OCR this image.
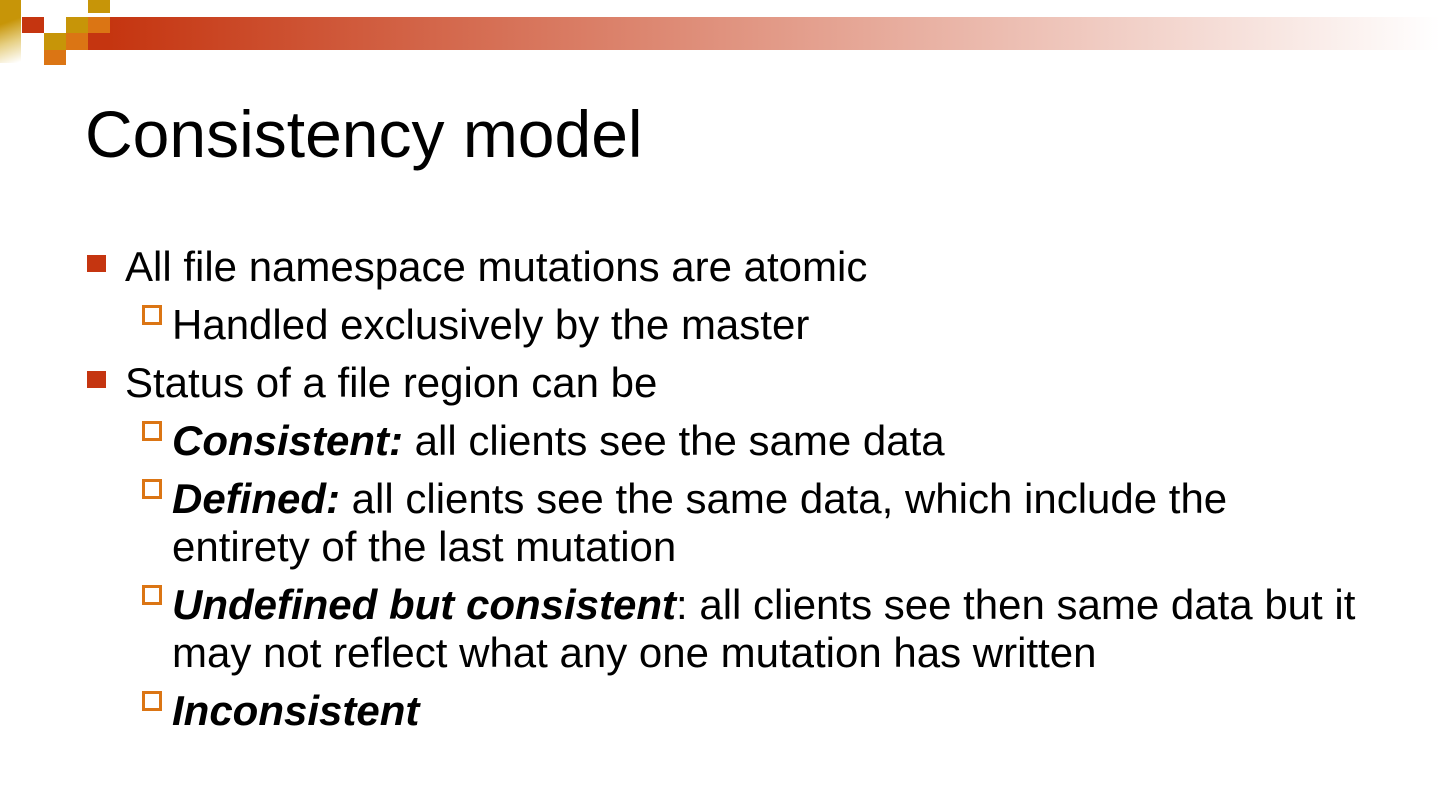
Consistency model
All file namespace mutations are atomic
Handled exclusively by the master
Status of a file region can be
Consistent: all clients see the same data
Defined: all clients see the same data, which include the entirety of the last mutation
Undefined but consistent: all clients see then same data but it may not reflect what any one mutation has written
Inconsistent
